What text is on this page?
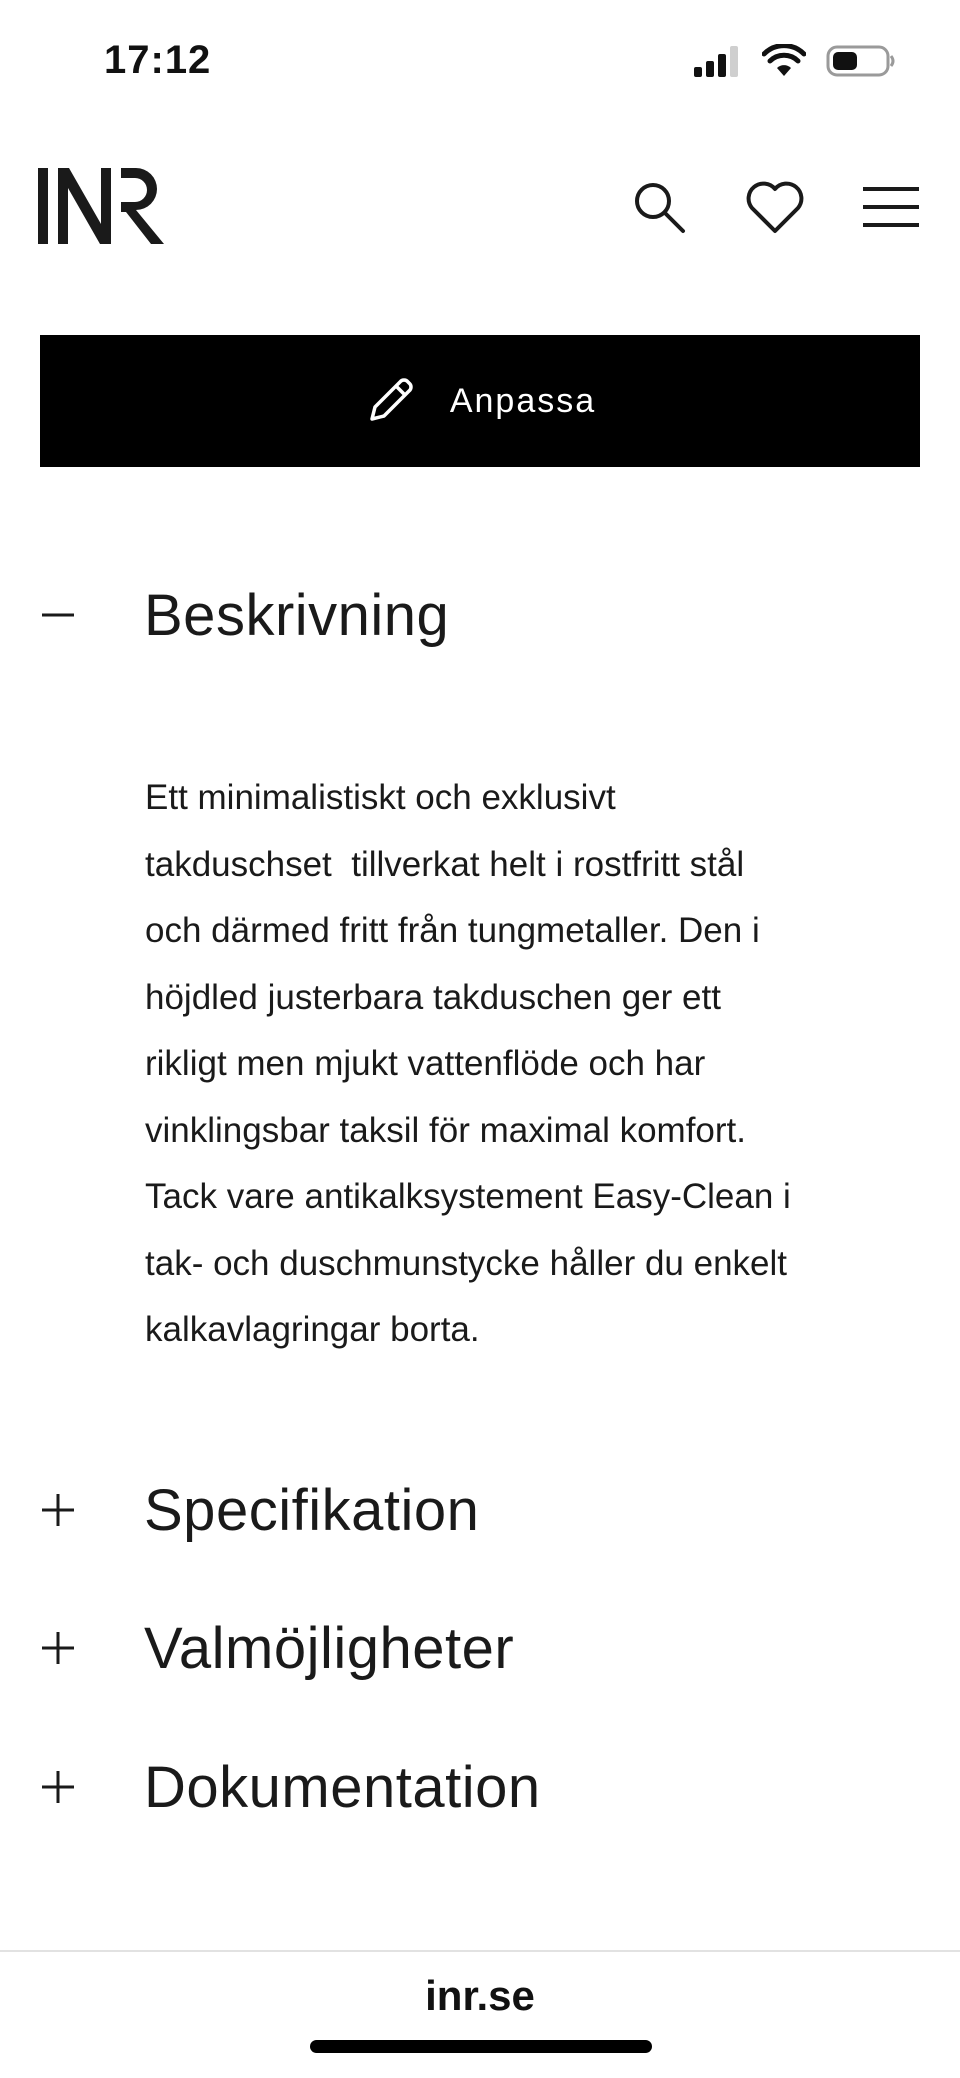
17:12
Anpassa
Beskrivning
Specifikation
Valmöjligheter
Dokumentation
Ett minimalistiskt och exklusivt
takduschset  tillverkat helt i rostfritt stål
och därmed fritt från tungmetaller. Den i
höjdled justerbara takduschen ger ett
rikligt men mjukt vattenflöde och har
vinklingsbar taksil för maximal komfort.
Tack vare antikalksystement Easy-Clean i
tak- och duschmunstycke håller du enkelt
kalkavlagringar borta.
inr.se
